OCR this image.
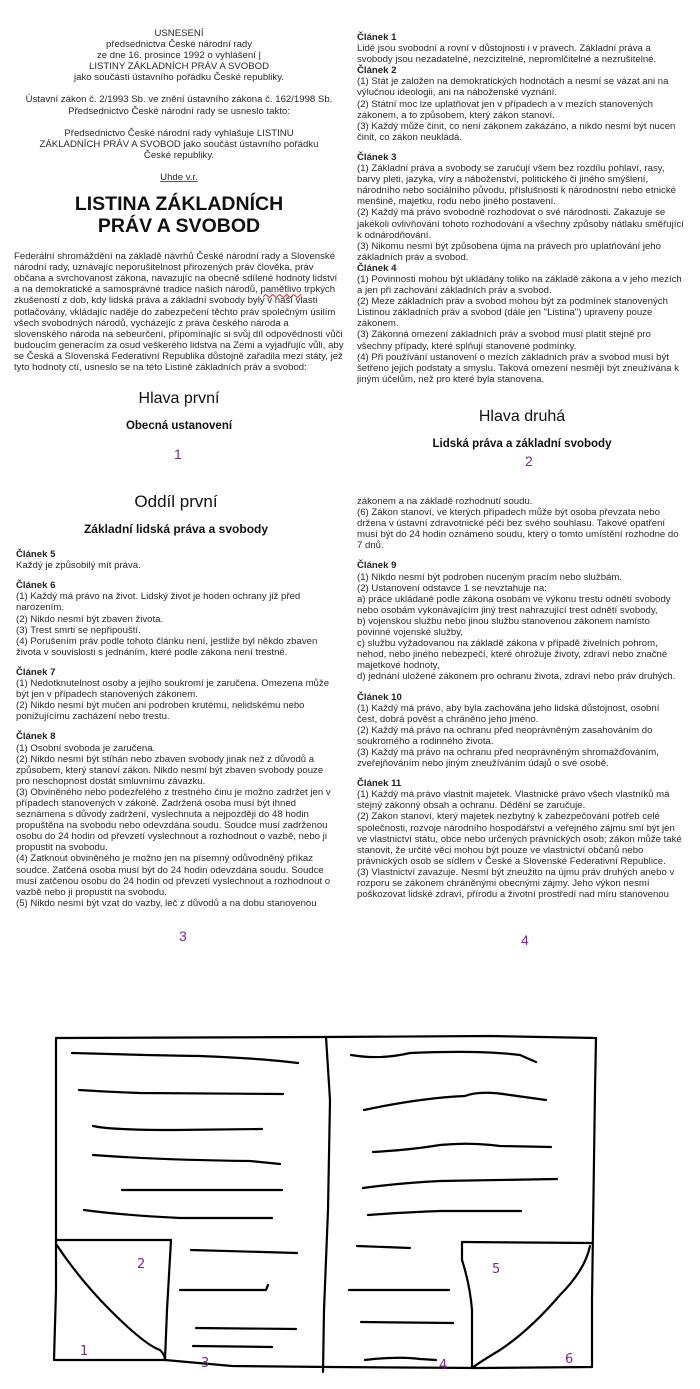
USNESENÍ
předsednictva České národní rady
ze dne 16. prosince 1992 o vyhlášení |
LISTINY ZÁKLADNÍCH PRÁV A SVOBOD
jako součásti ústavního pořádku České republiky.
Ústavní zákon č. 2/1993 Sb. ve znění ústavního zákona č. 162/1998 Sb.
Předsednictvo České národní rady se usneslo takto:
Předsednictvo České národní rady vyhlašuje LISTINU ZÁKLADNÍCH PRÁV A SVOBOD jako součást ústavního pořádku České republiky.
Uhde v.r.
LISTINA ZÁKLADNÍCH PRÁV A SVOBOD

Federální shromáždění na základě návrhů České národní rady a Slovenské národní rady, uznávajíc neporušitelnost přirozených práv člověka, práv občana a svrchovanost zákona, navazujíc na obecně sdílené hodnoty lidství a na demokratické a samosprávné tradice našich národů, pamětlivo trpkých zkušeností z dob, kdy lidská práva a základní svobody byly v naší vlasti potlačovány, vkládajíc naděje do zabezpečení těchto práv společným úsilím všech svobodných národů, vycházejíc z práva českého národa a slovenského národa na sebeurčení, připomínajíc si svůj díl odpovědnosti vůči budoucím generacím za osud veškerého lidstva na Zemi a vyjadřujíc vůli, aby se Česká a Slovenská Federativní Republika důstojně zařadila mezi státy, jež tyto hodnoty ctí, usneslo se na této Listině základních práv a svobod:

Hlava první
Obecná ustanovení
1
Článek 1

Lidé jsou svobodní a rovní v důstojnosti i v právech. Základní práva a svobody jsou nezadatelné, nezcizitelné, nepromlčitelné a nezrušitelné.

Článek 2

(1) Stát je založen na demokratických hodnotách a nesmí se vázat ani na výlučnou ideologii, ani na náboženské vyznání.
(2) Státní moc lze uplatňovat jen v případech a v mezích stanovených zákonem, a to způsobem, který zákon stanoví.
(3) Každý může činit, co není zákonem zakázáno, a nikdo nesmí být nucen činit, co zákon neukládá.

Článek 3

(1) Základní práva a svobody se zaručují všem bez rozdílu pohlaví, rasy, barvy pleti, jazyka, víry a náboženství, politického či jiného smýšlení, národního nebo sociálního původu, příslušnosti k národnostní nebo etnické menšině, majetku, rodu nebo jiného postavení.
(2) Každý má právo svobodně rozhodovat o své národnosti. Zakazuje se jakékoli ovlivňování tohoto rozhodování a všechny způsoby nátlaku směřující k odnárodňování.
(3) Nikomu nesmí být způsobena újma na právech pro uplatňování jeho základních práv a svobod.

Článek 4

(1) Povinnosti mohou být ukládány toliko na základě zákona a v jeho mezích a jen při zachování základních práv a svobod.
(2) Meze základních práv a svobod mohou být za podmínek stanovených Listinou základních práv a svobod (dále jen "Listina") upraveny pouze zákonem.
(3) Zákonná omezení základních práv a svobod musí platit stejně pro všechny případy, které splňují stanovené podmínky.
(4) Při používání ustanovení o mezích základních práv a svobod musí být šetřeno jejich podstaty a smyslu. Taková omezení nesmějí být zneužívána k jiným účelům, než pro které byla stanovena.

Hlava druhá
Lidská práva a základní svobody
2
Oddíl první
Základní lidská práva a svobody
Článek 5

Každý je způsobilý mít práva.

Článek 6

(1) Každý má právo na život. Lidský život je hoden ochrany již před narozením.
(2) Nikdo nesmí být zbaven života.
(3) Trest smrti se nepřipouští.
(4) Porušením práv podle tohoto článku není, jestliže byl někdo zbaven života v souvislosti s jednáním, které podle zákona není trestné.

Článek 7

(1) Nedotknutelnost osoby a jejího soukromí je zaručena. Omezena může být jen v případech stanovených zákonem.
(2) Nikdo nesmí být mučen ani podroben krutému, nelidskému nebo ponižujícímu zacházení nebo trestu.

Článek 8

(1) Osobní svoboda je zaručena.
(2) Nikdo nesmí být stíhán nebo zbaven svobody jinak než z důvodů a způsobem, který stanoví zákon. Nikdo nesmí být zbaven svobody pouze pro neschopnost dostát smluvnímu závazku.
(3) Obviněného nebo podezřelého z trestného činu je možno zadržet jen v případech stanovených v zákoně. Zadržená osoba musí být ihned seznámena s důvody zadržení, vyslechnuta a nejpozději do 48 hodin propuštěna na svobodu nebo odevzdána soudu. Soudce musí zadrženou osobu do 24 hodin od převzetí vyslechnout a rozhodnout o vazbě, nebo ji propustit na svobodu.
(4) Zatknout obviněného je možno jen na písemný odůvodněný příkaz soudce. Zatčená osoba musí být do 24 hodin odevzdána soudu. Soudce musí zatčenou osobu do 24 hodin od převzetí vyslechnout a rozhodnout o vazbě nebo ji propustit na svobodu.
(5) Nikdo nesmí být vzat do vazby, leč z důvodů a na dobu stanovenou

3

zákonem a na základě rozhodnutí soudu.
(6) Zákon stanoví, ve kterých případech může být osoba převzata nebo držena v ústavní zdravotnické péči bez svého souhlasu. Takové opatření musí být do 24 hodin oznámeno soudu, který o tomto umístění rozhodne do 7 dnů.

Článek 9

(1) Nikdo nesmí být podroben nuceným pracím nebo službám.
(2) Ustanovení odstavce 1 se nevztahuje na:
a) práce ukládané podle zákona osobám ve výkonu trestu odnětí svobody nebo osobám vykonávajícím jiný trest nahrazující trest odnětí svobody,
b) vojenskou službu nebo jinou službu stanovenou zákonem namísto povinné vojenské služby,
c) službu vyžadovanou na základě zákona v případě živelních pohrom, nehod, nebo jiného nebezpečí, které ohrožuje životy, zdraví nebo značné majetkové hodnoty,
d) jednání uložené zákonem pro ochranu života, zdraví nebo práv druhých.

Článek 10

(1) Každý má právo, aby byla zachována jeho lidská důstojnost, osobní čest, dobrá pověst a chráněno jeho jméno.
(2) Každý má právo na ochranu před neoprávněným zasahováním do soukromého a rodinného života.
(3) Každý má právo na ochranu před neoprávněným shromažďováním, zveřejňováním nebo jiným zneužíváním údajů o své osobě.

Článek 11

(1) Každý má právo vlastnit majetek. Vlastnické právo všech vlastníků má stejný zákonný obsah a ochranu. Dědění se zaručuje.
(2) Zákon stanoví, který majetek nezbytný k zabezpečování potřeb celé společnosti, rozvoje národního hospodářství a veřejného zájmu smí být jen ve vlastnictví státu, obce nebo určených právnických osob; zákon může také stanovit, že určité věci mohou být pouze ve vlastnictví občanů nebo právnických osob se sídlem v České a Slovenské Federativní Republice.
(3) Vlastnictví zavazuje. Nesmí být zneužito na újmu práv druhých anebo v rozporu se zákonem chráněnými obecnými zájmy. Jeho výkon nesmí poškozovat lidské zdraví, přírodu a životní prostředí nad míru stanovenou

4
1
2
3	4
5
6
